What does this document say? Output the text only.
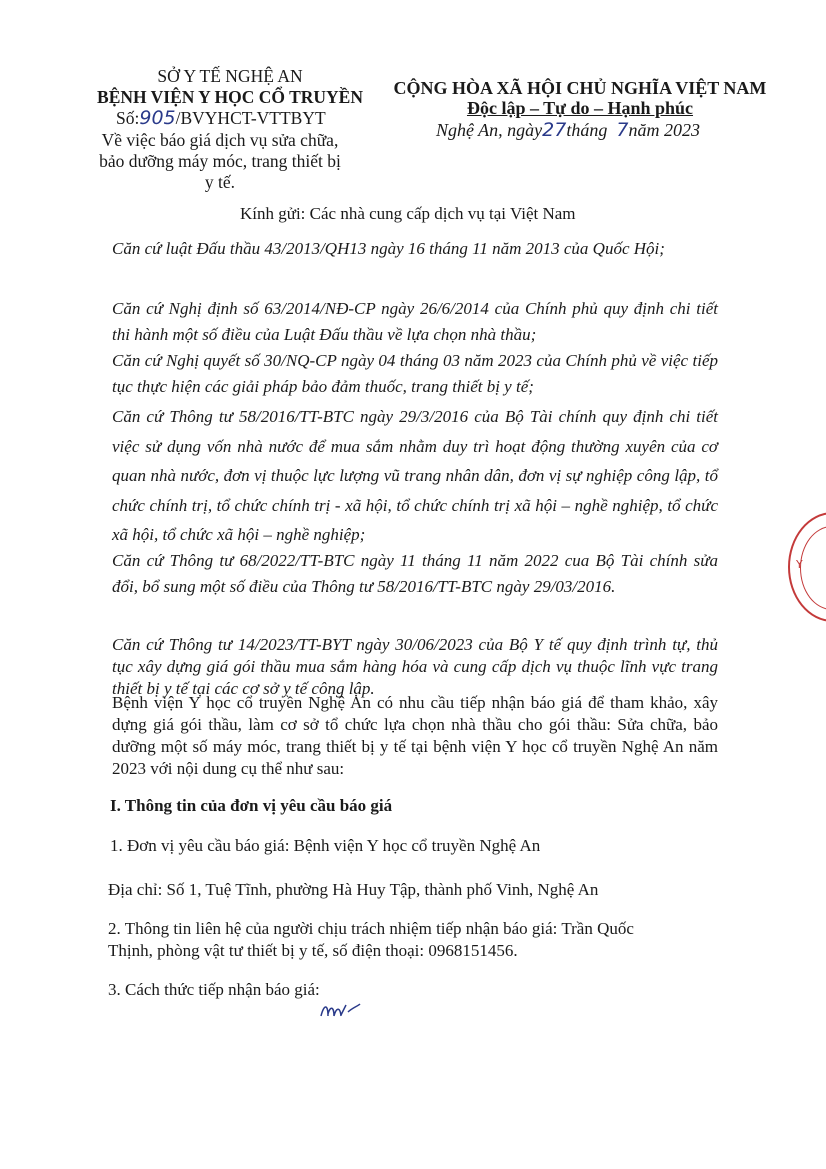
SỞ Y TẾ NGHỆ AN
BỆNH VIỆN Y HỌC CỔ TRUYỀN
Số:905/BVYHCT-VTTBYT
Về việc báo giá dịch vụ sửa chữa,
bảo dưỡng máy móc, trang thiết bị
y tế.
CỘNG HÒA XÃ HỘI CHỦ NGHĨA VIỆT NAM
Độc lập – Tự do – Hạnh phúc
Nghệ An, ngày27tháng 7năm 2023
Kính gửi: Các nhà cung cấp dịch vụ tại Việt Nam
Căn cứ luật Đấu thầu 43/2013/QH13 ngày 16 tháng 11 năm 2013 của Quốc Hội;
Căn cứ Nghị định số 63/2014/NĐ-CP ngày 26/6/2014 của Chính phủ quy định chi tiết thi hành một số điều của Luật Đấu thầu về lựa chọn nhà thầu;
Căn cứ Nghị quyết số 30/NQ-CP ngày 04 tháng 03 năm 2023 của Chính phủ về việc tiếp tục thực hiện các giải pháp bảo đảm thuốc, trang thiết bị y tế;
Căn cứ Thông tư 58/2016/TT-BTC ngày 29/3/2016 của Bộ Tài chính quy định chi tiết việc sử dụng vốn nhà nước để mua sắm nhằm duy trì hoạt động thường xuyên của cơ quan nhà nước, đơn vị thuộc lực lượng vũ trang nhân dân, đơn vị sự nghiệp công lập, tổ chức chính trị, tổ chức chính trị - xã hội, tổ chức chính trị xã hội – nghề nghiệp, tổ chức xã hội, tổ chức xã hội – nghề nghiệp;
Căn cứ Thông tư 68/2022/TT-BTC ngày 11 tháng 11 năm 2022 cua Bộ Tài chính sửa đổi, bổ sung một số điều của Thông tư 58/2016/TT-BTC ngày 29/03/2016.
Căn cứ Thông tư 14/2023/TT-BYT ngày 30/06/2023 của Bộ Y tế quy định trình tự, thủ tục xây dựng giá gói thầu mua sắm hàng hóa và cung cấp dịch vụ thuộc lĩnh vực trang thiết bị y tế tại các cơ sở y tế công lập.
Bệnh viện Y học cổ truyền Nghệ An có nhu cầu tiếp nhận báo giá để tham khảo, xây dựng giá gói thầu, làm cơ sở tổ chức lựa chọn nhà thầu cho gói thầu: Sửa chữa, bảo dưỡng một số máy móc, trang thiết bị y tế tại bệnh viện Y học cổ truyền Nghệ An năm 2023 với nội dung cụ thể như sau:
I. Thông tin của đơn vị yêu cầu báo giá
1. Đơn vị yêu cầu báo giá: Bệnh viện Y học cổ truyền Nghệ An
Địa chỉ: Số 1, Tuệ Tĩnh, phường Hà Huy Tập, thành phố Vinh, Nghệ An
2. Thông tin liên hệ của người chịu trách nhiệm tiếp nhận báo giá: Trần Quốc Thịnh, phòng vật tư thiết bị y tế, số điện thoại: 0968151456.
3. Cách thức tiếp nhận báo giá:
Y
